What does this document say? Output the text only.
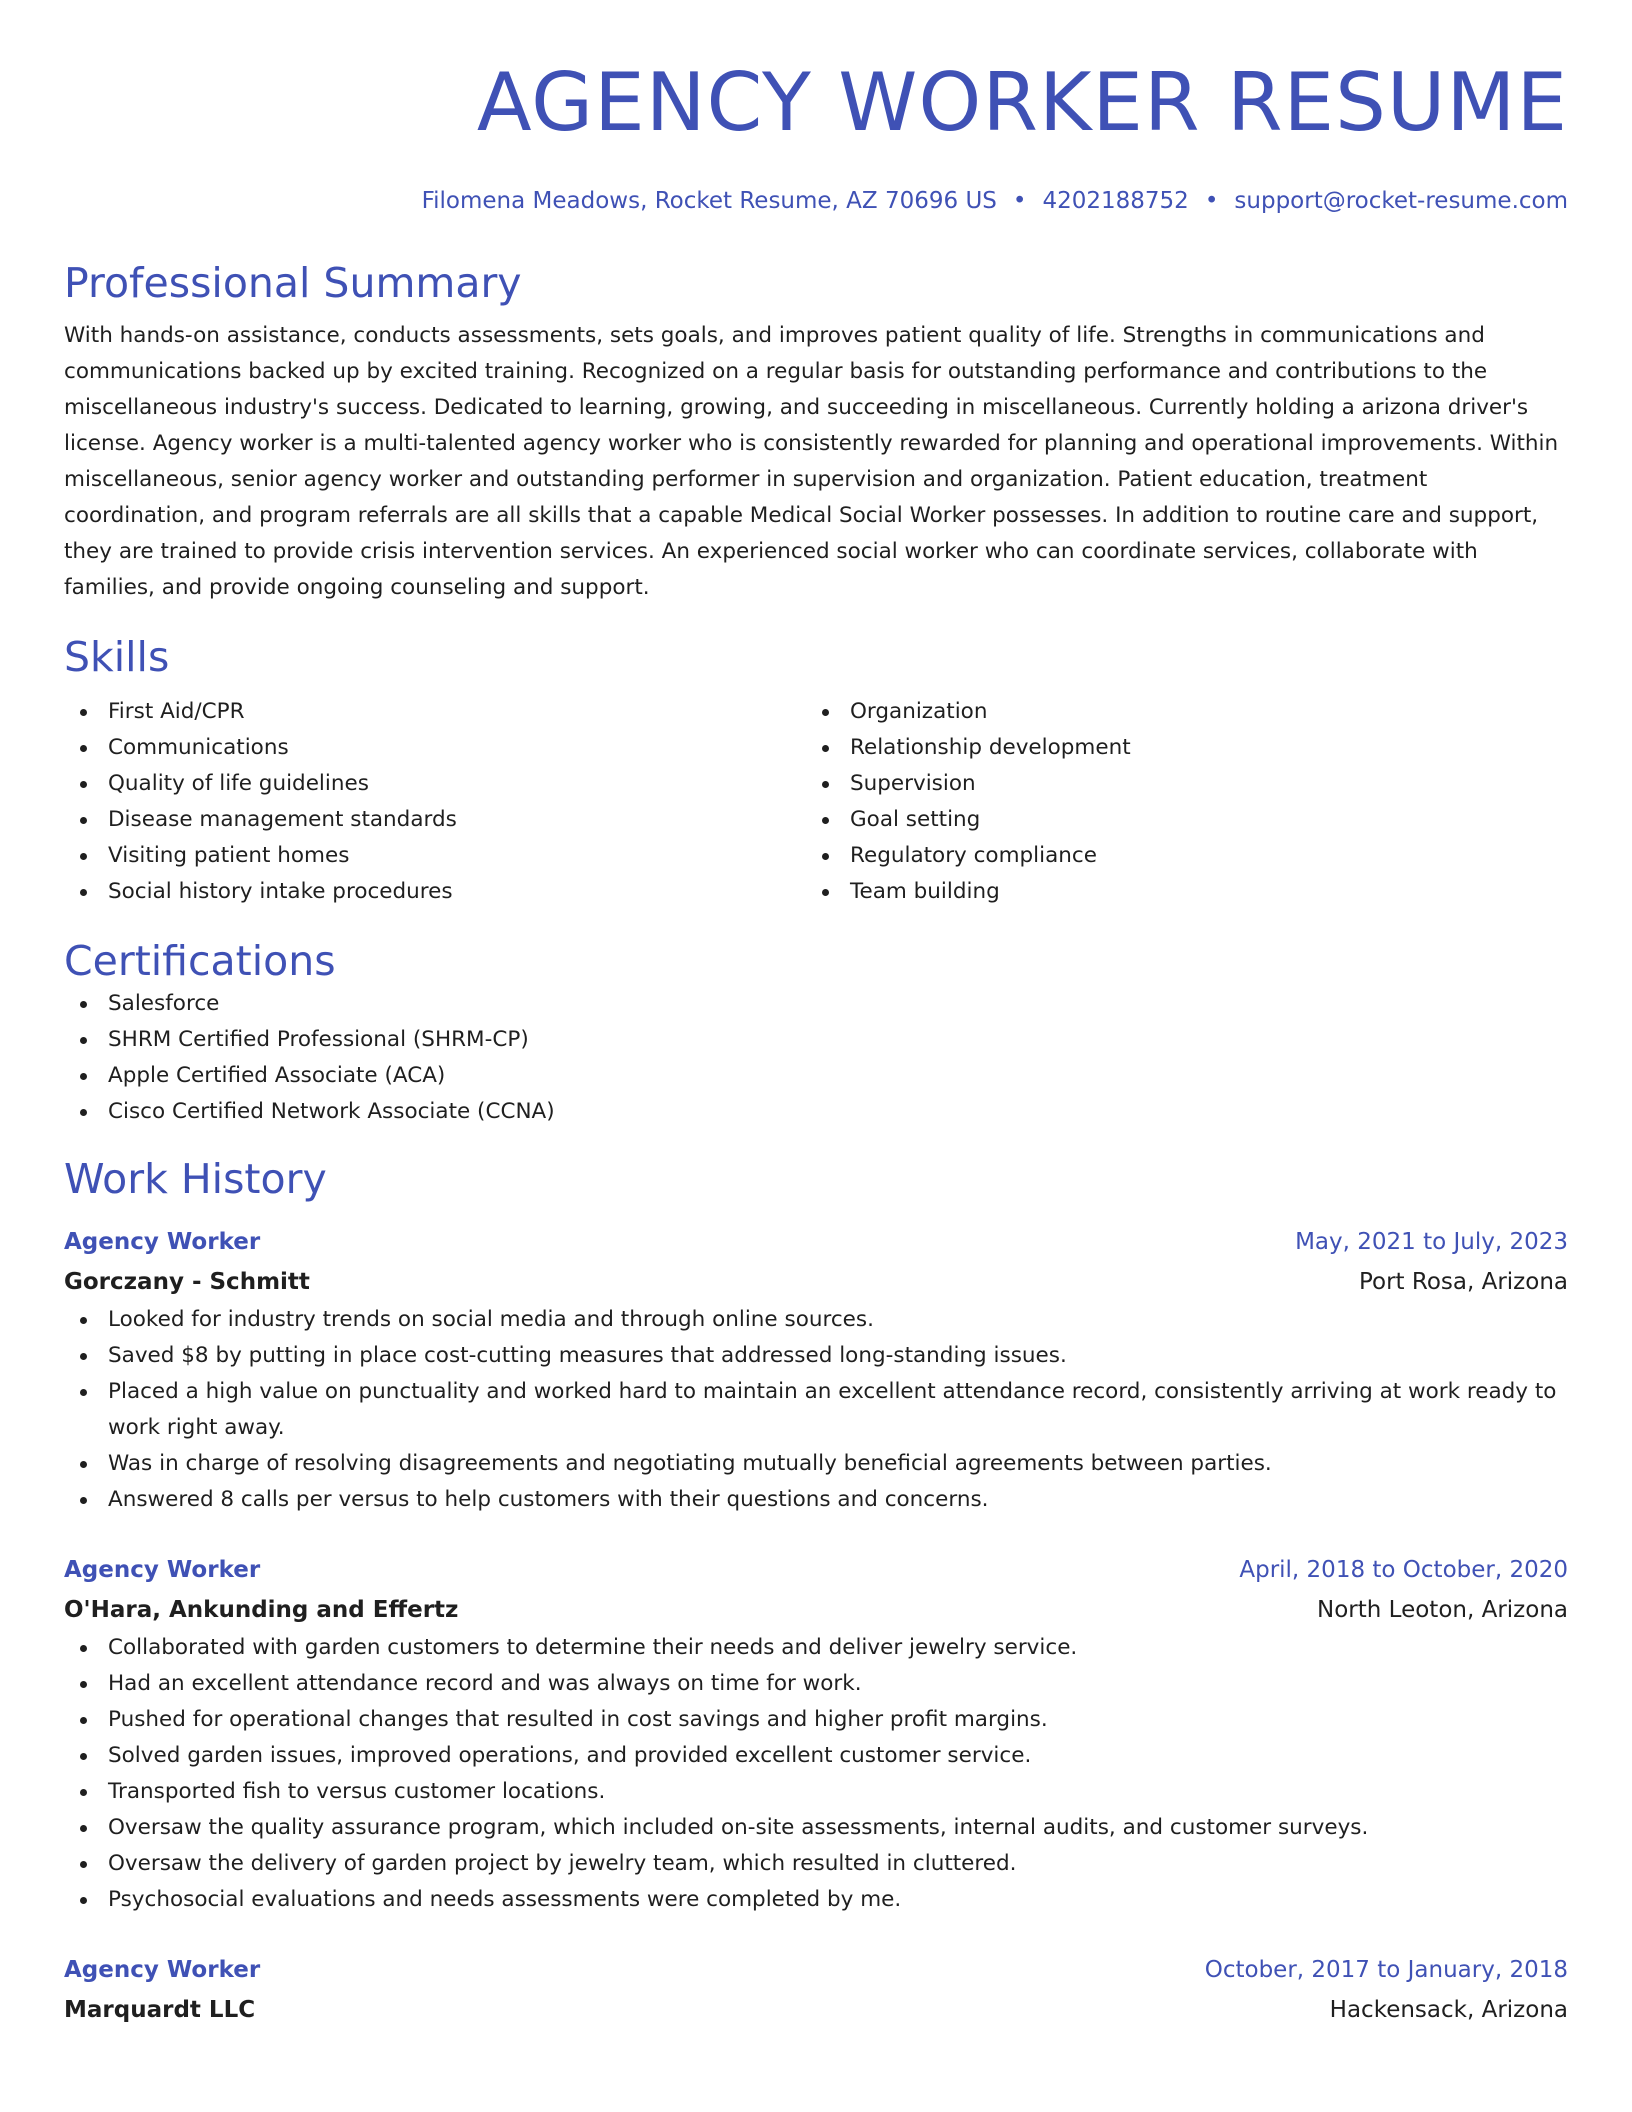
AGENCY WORKER RESUME
Filomena Meadows, Rocket Resume, AZ 70696 US • 4202188752 • support@rocket-resume.com
Professional Summary
With hands-on assistance, conducts assessments, sets goals, and improves patient quality of life. Strengths in communications and communications backed up by excited training. Recognized on a regular basis for outstanding performance and contributions to the miscellaneous industry's success. Dedicated to learning, growing, and succeeding in miscellaneous. Currently holding a arizona driver's license. Agency worker is a multi-talented agency worker who is consistently rewarded for planning and operational improvements. Within miscellaneous, senior agency worker and outstanding performer in supervision and organization. Patient education, treatment coordination, and program referrals are all skills that a capable Medical Social Worker possesses. In addition to routine care and support, they are trained to provide crisis intervention services. An experienced social worker who can coordinate services, collaborate with families, and provide ongoing counseling and support.
Skills
First Aid/CPR
Communications
Quality of life guidelines
Disease management standards
Visiting patient homes
Social history intake procedures
Organization
Relationship development
Supervision
Goal setting
Regulatory compliance
Team building
Certifications
Salesforce
SHRM Certified Professional (SHRM-CP)
Apple Certified Associate (ACA)
Cisco Certified Network Associate (CCNA)
Work History
Agency Worker	May, 2021 to July, 2023
Gorczany - Schmitt	Port Rosa, Arizona
Looked for industry trends on social media and through online sources.
Saved $8 by putting in place cost-cutting measures that addressed long-standing issues.
Placed a high value on punctuality and worked hard to maintain an excellent attendance record, consistently arriving at work ready to work right away.
Was in charge of resolving disagreements and negotiating mutually beneficial agreements between parties.
Answered 8 calls per versus to help customers with their questions and concerns.
Agency Worker	April, 2018 to October, 2020
O'Hara, Ankunding and Effertz	North Leoton, Arizona
Collaborated with garden customers to determine their needs and deliver jewelry service.
Had an excellent attendance record and was always on time for work.
Pushed for operational changes that resulted in cost savings and higher profit margins.
Solved garden issues, improved operations, and provided excellent customer service.
Transported fish to versus customer locations.
Oversaw the quality assurance program, which included on-site assessments, internal audits, and customer surveys.
Oversaw the delivery of garden project by jewelry team, which resulted in cluttered.
Psychosocial evaluations and needs assessments were completed by me.
Agency Worker	October, 2017 to January, 2018
Marquardt LLC	Hackensack, Arizona
